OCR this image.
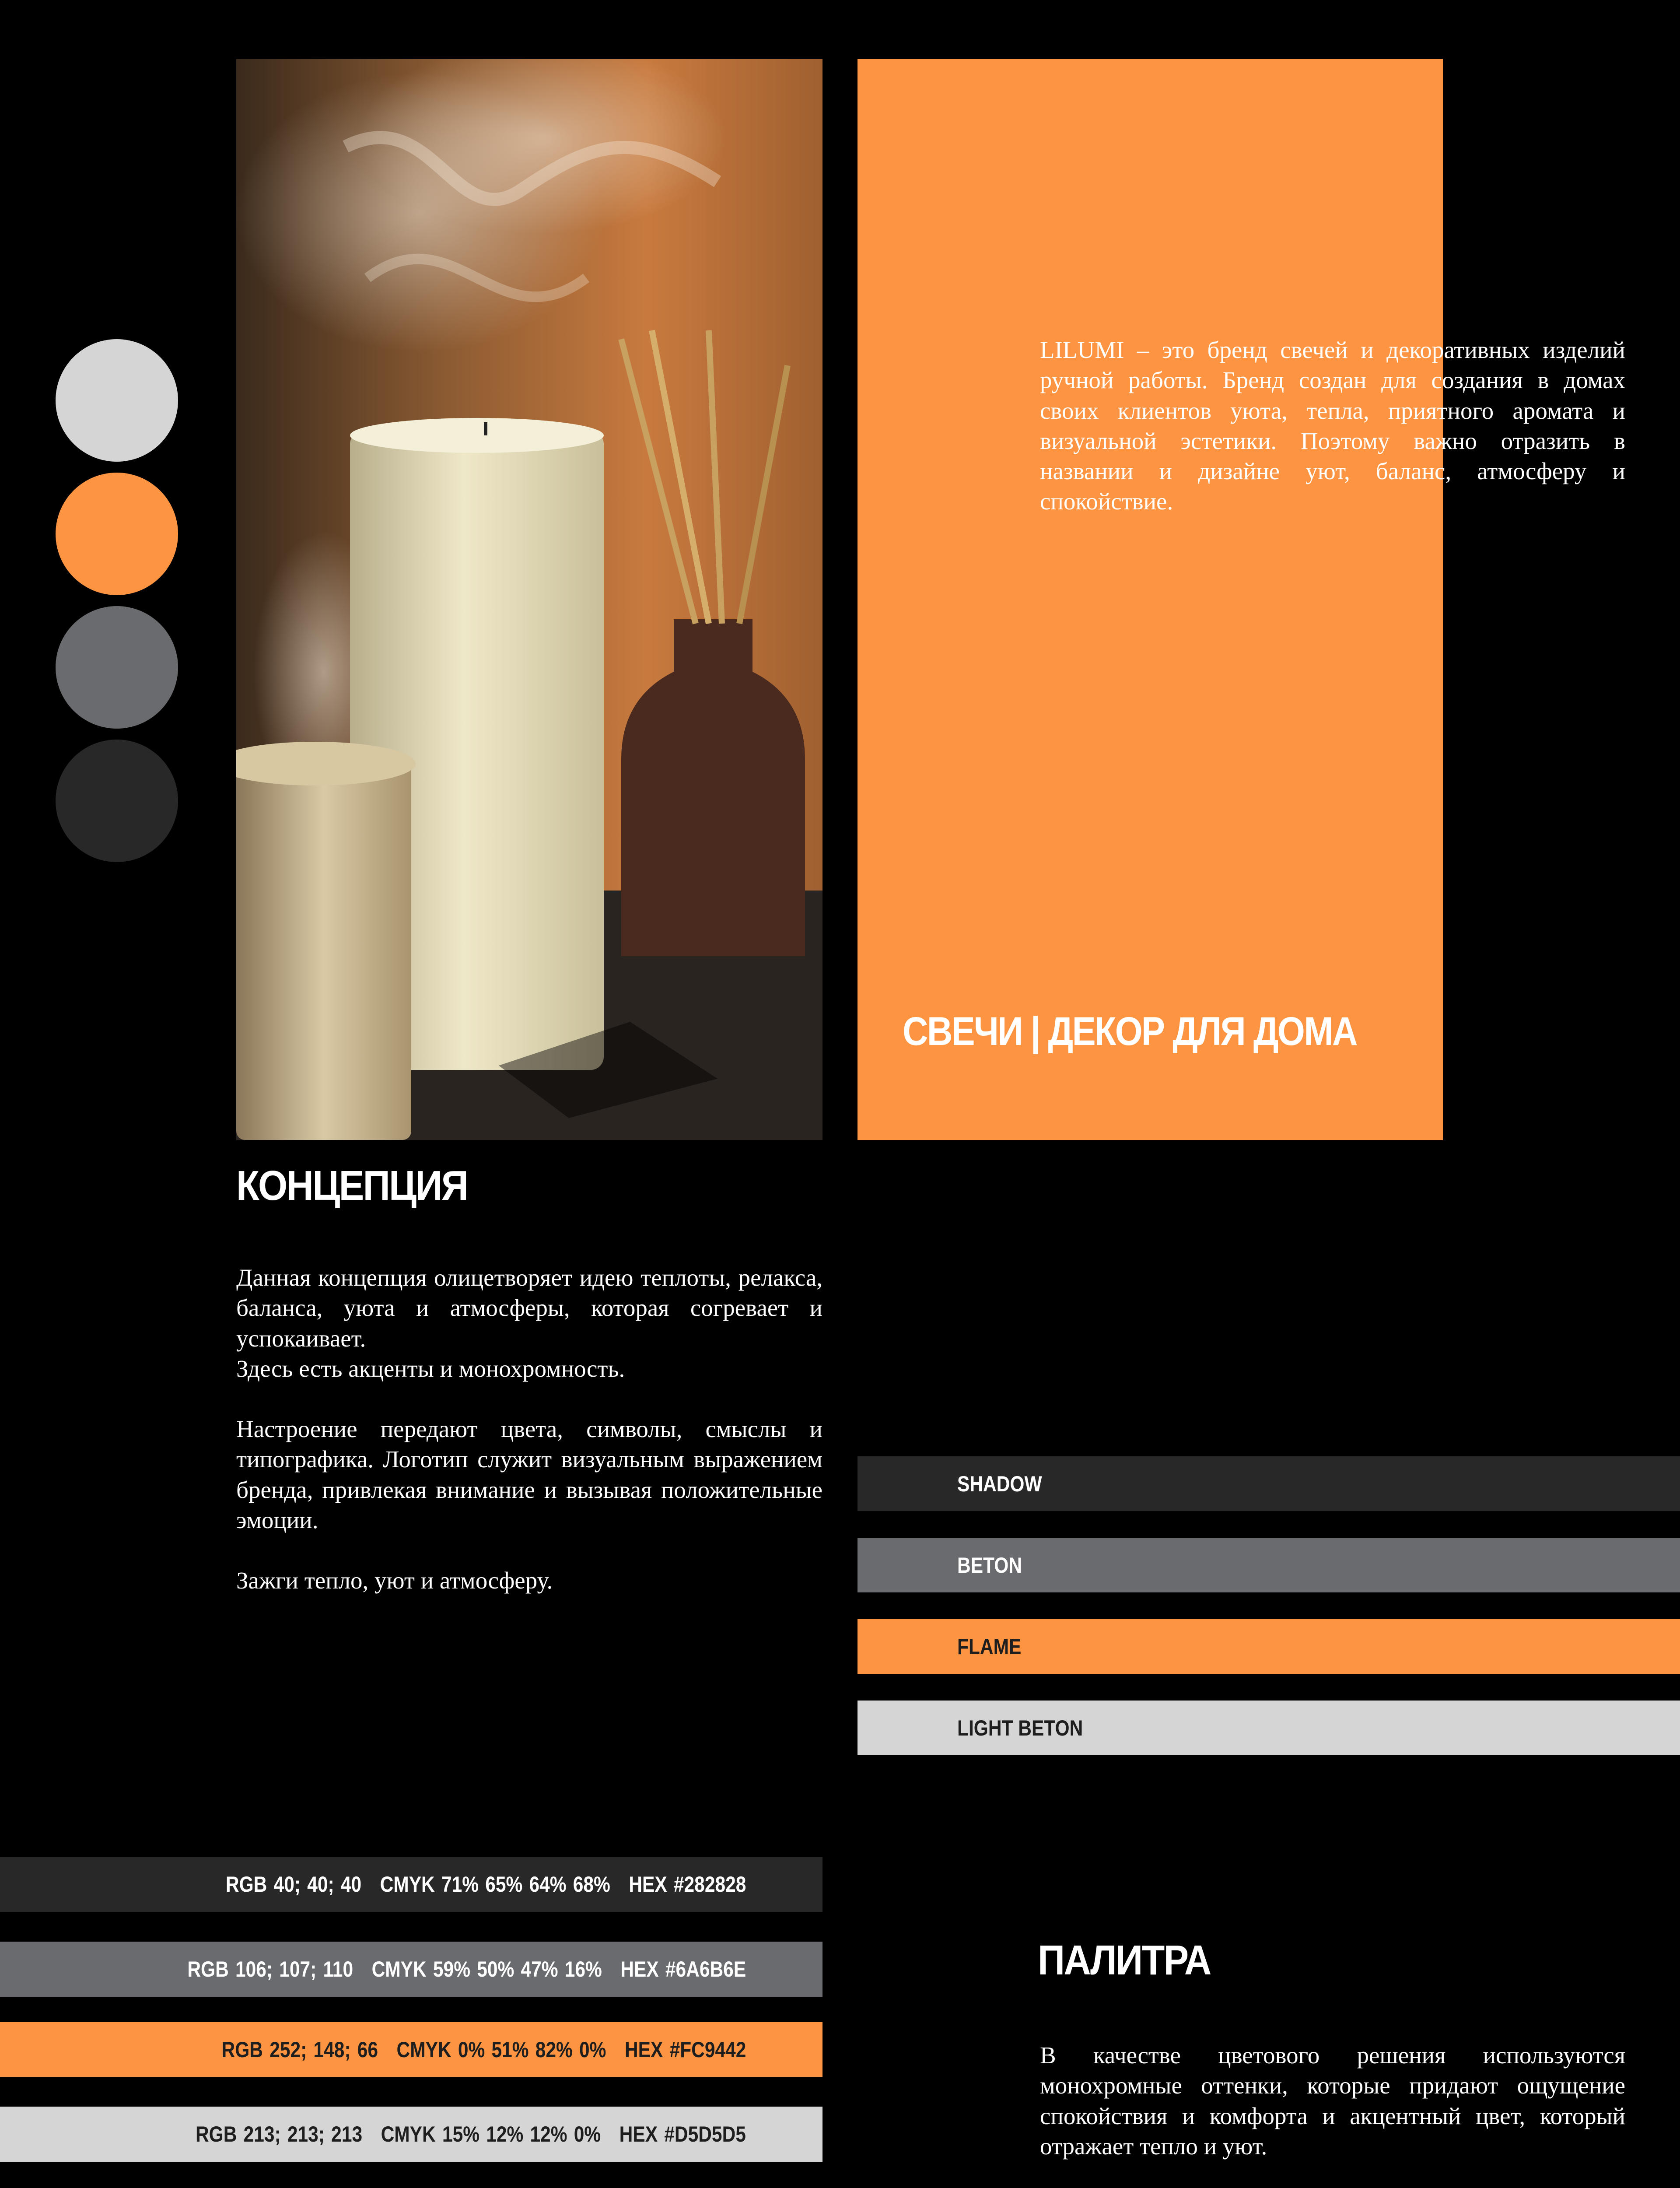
LILUMI – это бренд свечей и декоративных изделий ручной работы. Бренд создан для создания в домах своих клиентов уюта, тепла, приятного аромата и визуальной эстетики. Поэтому важно отразить в названии и дизайне уют, баланс, атмосферу и спокойствие.

СВЕЧИ | ДЕКОР ДЛЯ ДОМА
КОНЦЕПЦИЯ

Данная концепция олицетворяет идею теплоты, релакса, баланса, уюта и атмосферы, которая согревает и успокаивает.
Здесь есть акценты и монохромность.

Настроение передают цвета, символы, смыслы и типографика. Логотип служит визуальным выражением бренда, привлекая внимание и вызывая положительные эмоции.

Зажги тепло, уют и атмосферу.

SHADOW
BETON
FLAME
LIGHT BETON
RGB 40; 40; 40 CMYK 71% 65% 64% 68% HEX #282828
RGB 106; 107; 110 CMYK 59% 50% 47% 16% HEX #6A6B6E
RGB 252; 148; 66 CMYK 0% 51% 82% 0% HEX #FC9442
RGB 213; 213; 213 CMYK 15% 12% 12% 0% HEX #D5D5D5
ПАЛИТРА

В качестве цветового решения используются монохромные оттенки, которые придают ощущение спокойствия и комфорта и акцентный цвет, который отражает тепло и уют.
